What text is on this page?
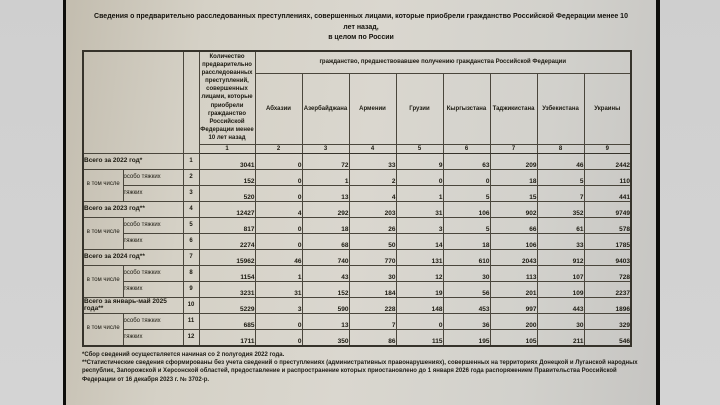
Сведения о предварительно расследованных преступлениях, совершенных лицами, которые приобрели гражданство Российской Федерации менее 10 лет назад,
в целом по России
			Количество предварительно расследованных преступлений, совершенных лицами, которые приобрели гражданство Российской Федерации менее 10 лет назад	гражданство, предшествовавшее получению гражданства Российской Федерации							
				Абхазии	Азербайджана	Армении	Грузии	Кыргызстана	Таджикистана	Узбекистана	Украины
			1	2	3	4	5	6	7	8	9
Всего за 2022 год*		1	3041	0	72	33	9	63	209	46	2442
в том числе	особо тяжких	2	152	0	1	2	0	0	18	5	110
	тяжких	3	520	0	13	4	1	5	15	7	441
Всего за 2023 год**		4	12427	4	292	203	31	106	902	352	9749
в том числе	особо тяжких	5	817	0	18	26	3	5	66	61	578
	тяжких	6	2274	0	68	50	14	18	106	33	1785
Всего за 2024 год**		7	15962	46	740	770	131	610	2043	912	9403
в том числе	особо тяжких	8	1154	1	43	30	12	30	113	107	728
	тяжких	9	3231	31	152	184	19	56	201	109	2237
Всего за январь-май 2025 года**		10	5229	3	590	228	148	453	997	443	1896
в том числе	особо тяжких	11	685	0	13	7	0	36	200	30	329
	тяжких	12	1711	0	350	86	115	195	105	211	546
*Сбор сведений осуществляется начиная со 2 полугодия 2022 года.
**Статистические сведения сформированы без учета сведений о преступлениях (административных правонарушениях), совершенных на территориях Донецкой и Луганской народных республик, Запорожской и Херсонской областей, предоставление и распространение которых приостановлено до 1 января 2026 года распоряжением Правительства Российской Федерации от 16 декабря 2023 г. № 3702-р.
